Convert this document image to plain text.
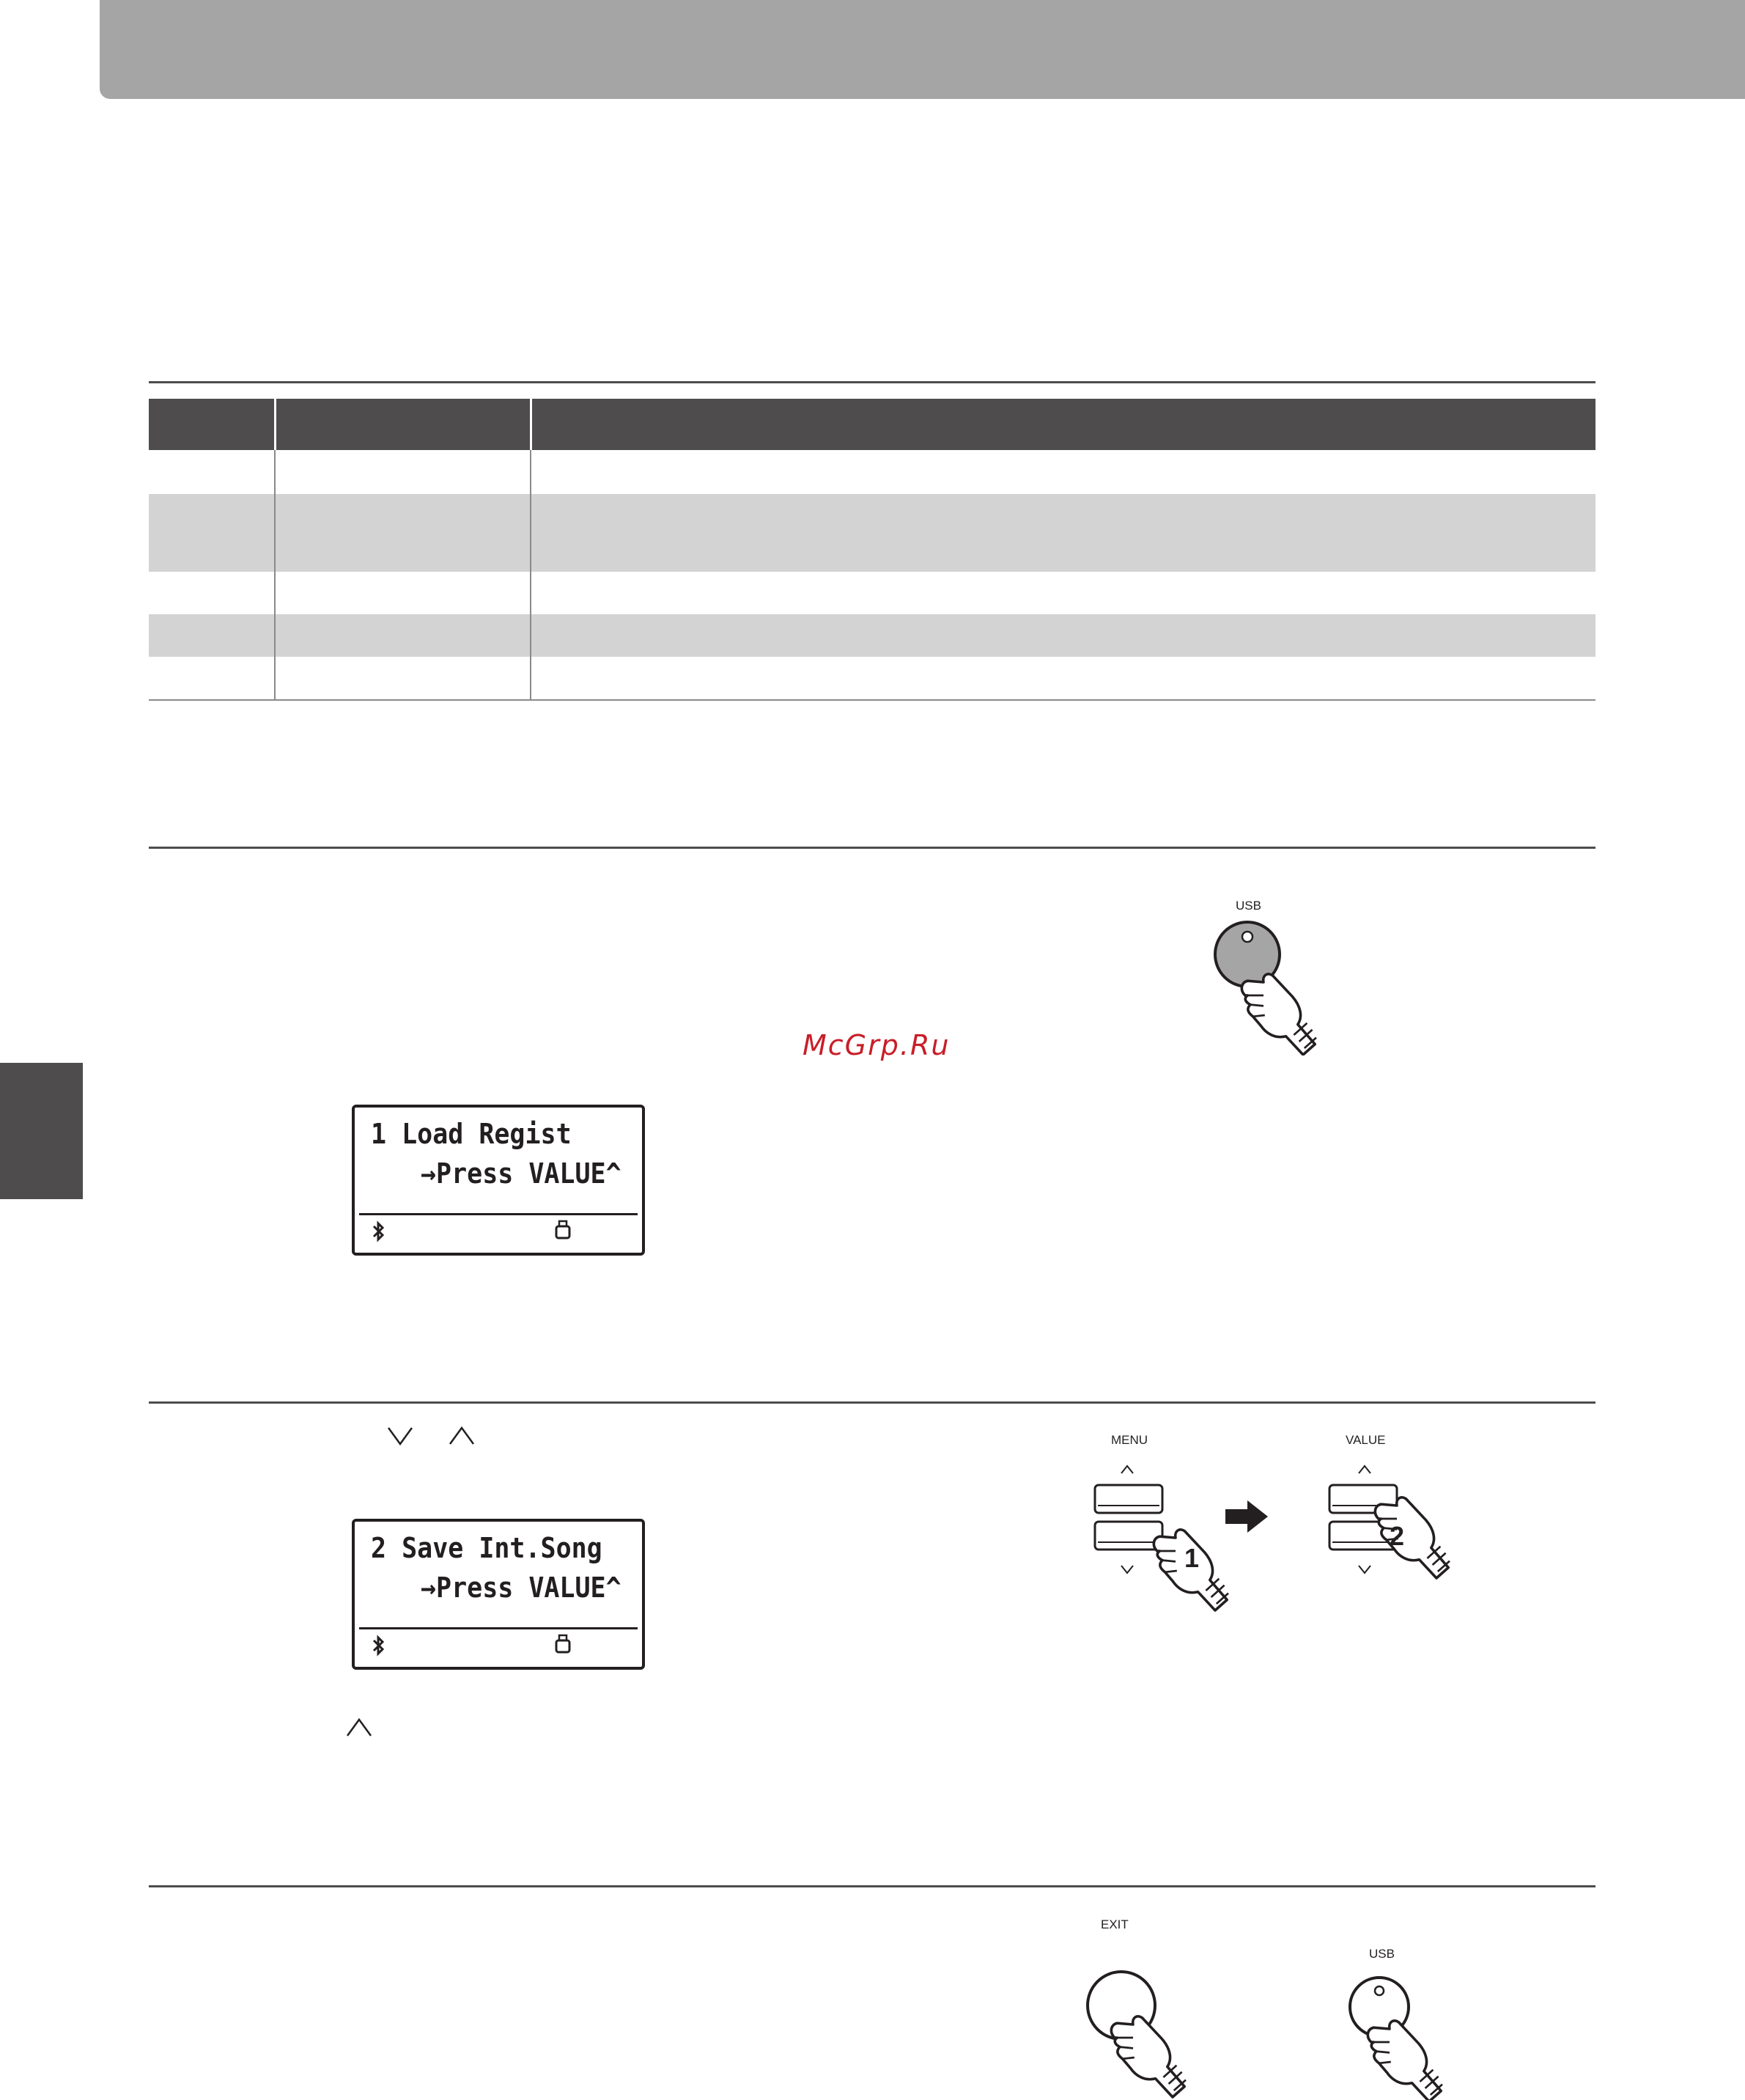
McGrp.Ru
USB
1 Load Regist
→Press VALUE^
MENU
1
VALUE
2
2 Save Int.Song
→Press VALUE^
EXIT
USB
